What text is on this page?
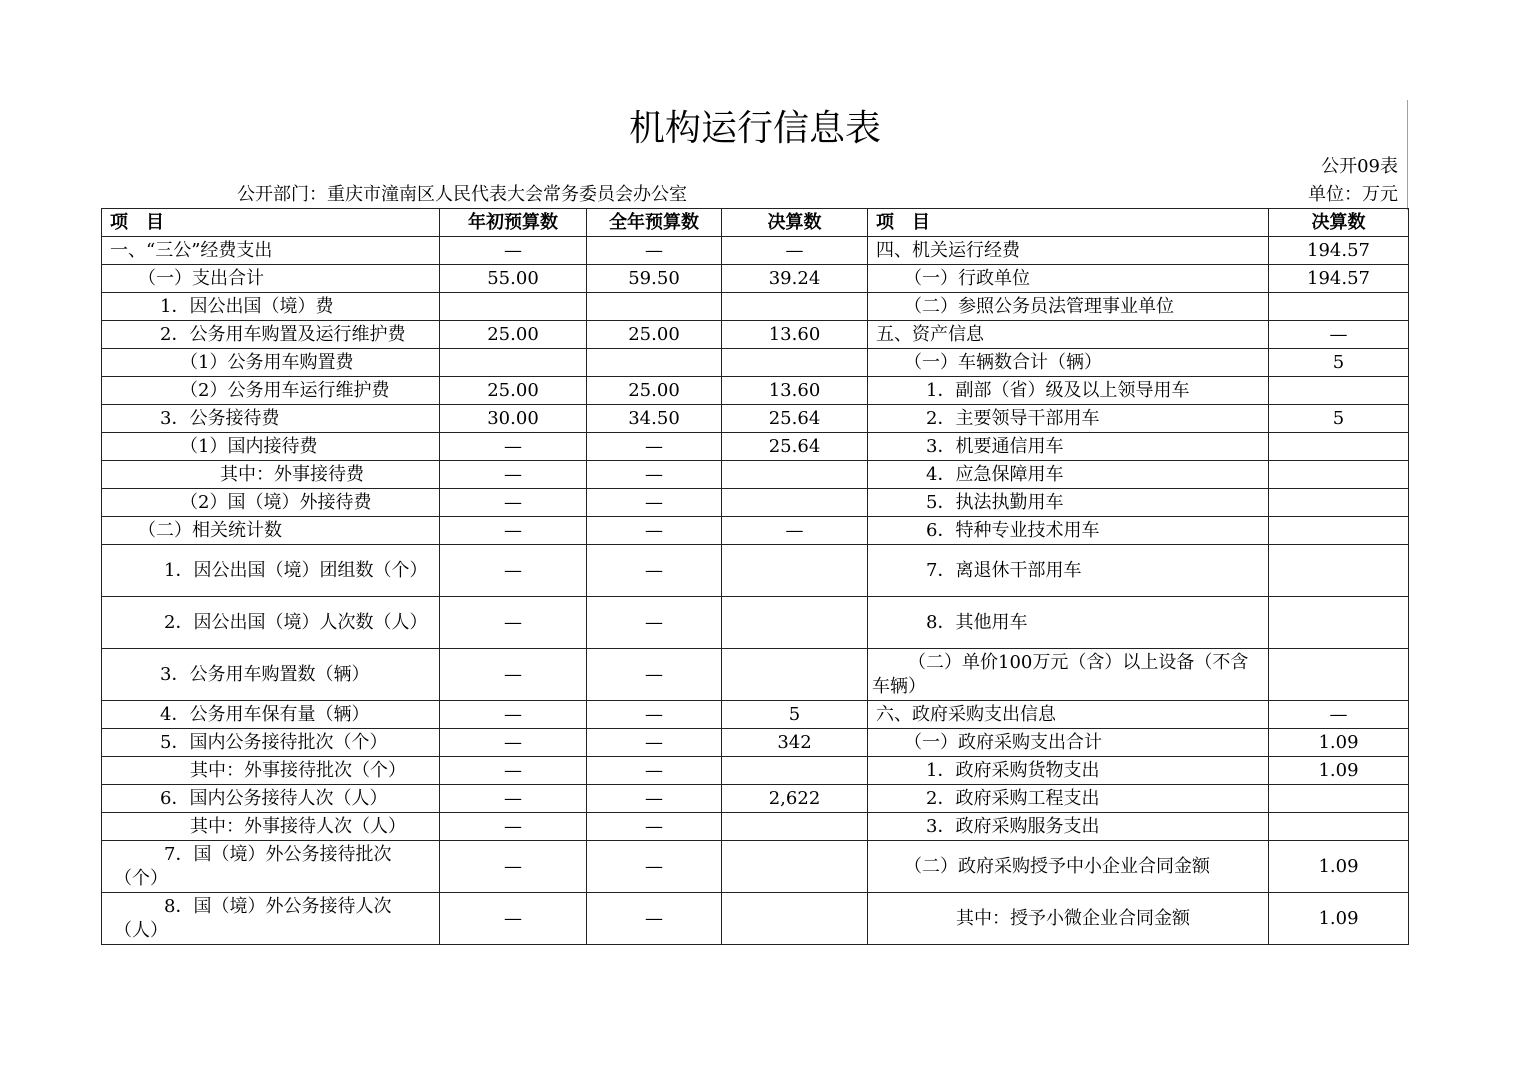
机构运行信息表
公开09表
公开部门：重庆市潼南区人民代表大会常务委员会办公室	单位：万元
项　目	年初预算数	全年预算数	决算数	项　目	决算数
一、“三公”经费支出	—	—	—	四、机关运行经费	194.57
（一）支出合计	55.00	59.50	39.24	（一）行政单位	194.57
1．因公出国（境）费				（二）参照公务员法管理事业单位	
2．公务用车购置及运行维护费	25.00	25.00	13.60	五、资产信息	—
（1）公务用车购置费				（一）车辆数合计（辆）	5
（2）公务用车运行维护费	25.00	25.00	13.60	1．副部（省）级及以上领导用车	
3．公务接待费	30.00	34.50	25.64	2．主要领导干部用车	5
（1）国内接待费	—	—	25.64	3．机要通信用车	
其中：外事接待费	—	—		4．应急保障用车	
（2）国（境）外接待费	—	—		5．执法执勤用车	
（二）相关统计数	—	—	—	6．特种专业技术用车	

1．因公出国（境）团组数（个）	—	—		7．离退休干部用车	

2．因公出国（境）人次数（人）	—	—		8．其他用车	
3．公务用车购置数（辆）	—	—		（二）单价100万元（含）以上设备（不含车辆）	

4．公务用车保有量（辆）	—	—	5	六、政府采购支出信息	—
5．国内公务接待批次（个）	—	—	342	（一）政府采购支出合计	1.09
其中：外事接待批次（个）	—	—		1．政府采购货物支出	1.09
6．国内公务接待人次（人）	—	—	2,622	2．政府采购工程支出	
其中：外事接待人次（人）	—	—		3．政府采购服务支出	

7．国（境）外公务接待批次（个）	—	—		（二）政府采购授予中小企业合同金额	1.09

8．国（境）外公务接待人次（人）	—	—		其中：授予小微企业合同金额	1.09
